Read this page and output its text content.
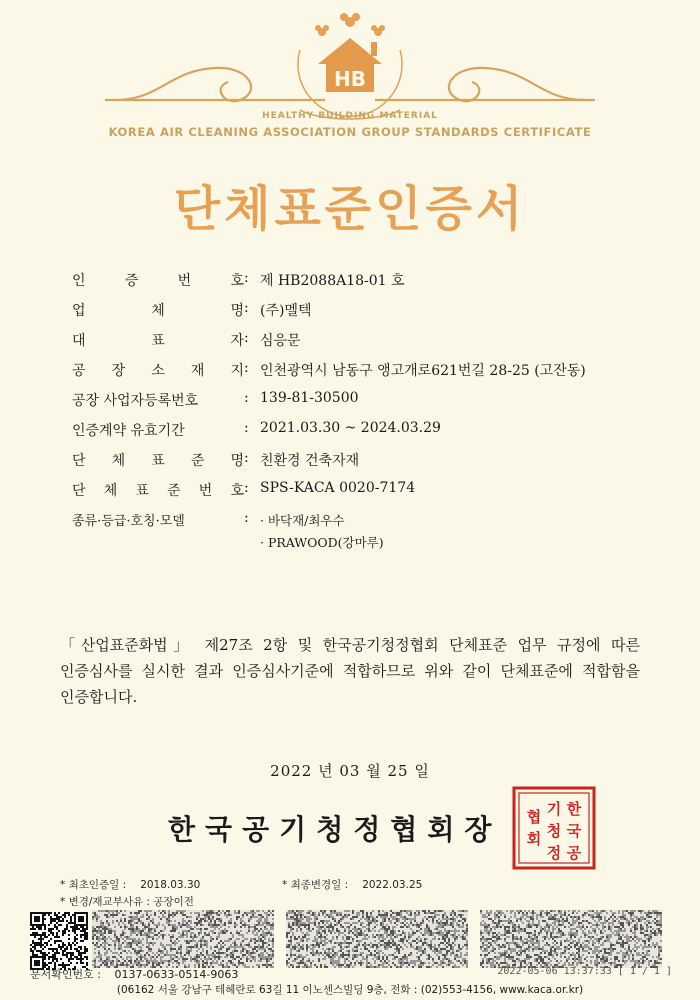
HB
HEALTHY BUILDING MATERIAL
KOREA AIR CLEANING ASSOCIATION GROUP STANDARDS CERTIFICATE
단체표준인증서
인	증	번	호 : 제 HB2088A18-01 호
업	체	명 : (주)멜텍
대	표	자 : 심응문
공 장 소 재 지 : 인천광역시 남동구 앵고개로621번길 28-25 (고잔동)
공장 사업자등록번호	: 139-81-30500
인증계약 유효기간	: 2021.03.30 ~ 2024.03.29
단 체 표 준 명 : 친환경 건축자재
단 체 표 준 번 호 : SPS-KACA 0020-7174
종류·등급·호칭·모델	: · 바닥재/최우수
· PRAWOOD(강마루)
「산업표준화법」 제27조 2항 및 한국공기청정협회 단체표준 업무 규정에 따른 인증심사를 실시한 결과 인증심사기준에 적합하므로 위와 같이 단체표준에 적합함을 인증합니다.
2022 년 03 월 25 일
한국공기청정협회장
한
국
공
기
청
정
협
회
* 최초인증일 : 2018.03.30	* 최종변경일 : 2022.03.25
* 변경/재교부사유 : 공장이전
문서확인번호 : 0137-0633-0514-9063	2022-05-06 13:37:33 [ 1 / 1 ]
(06162 서울 강남구 테헤란로 63길 11 이노센스빌딩 9층, 전화 : (02)553-4156, www.kaca.or.kr)
